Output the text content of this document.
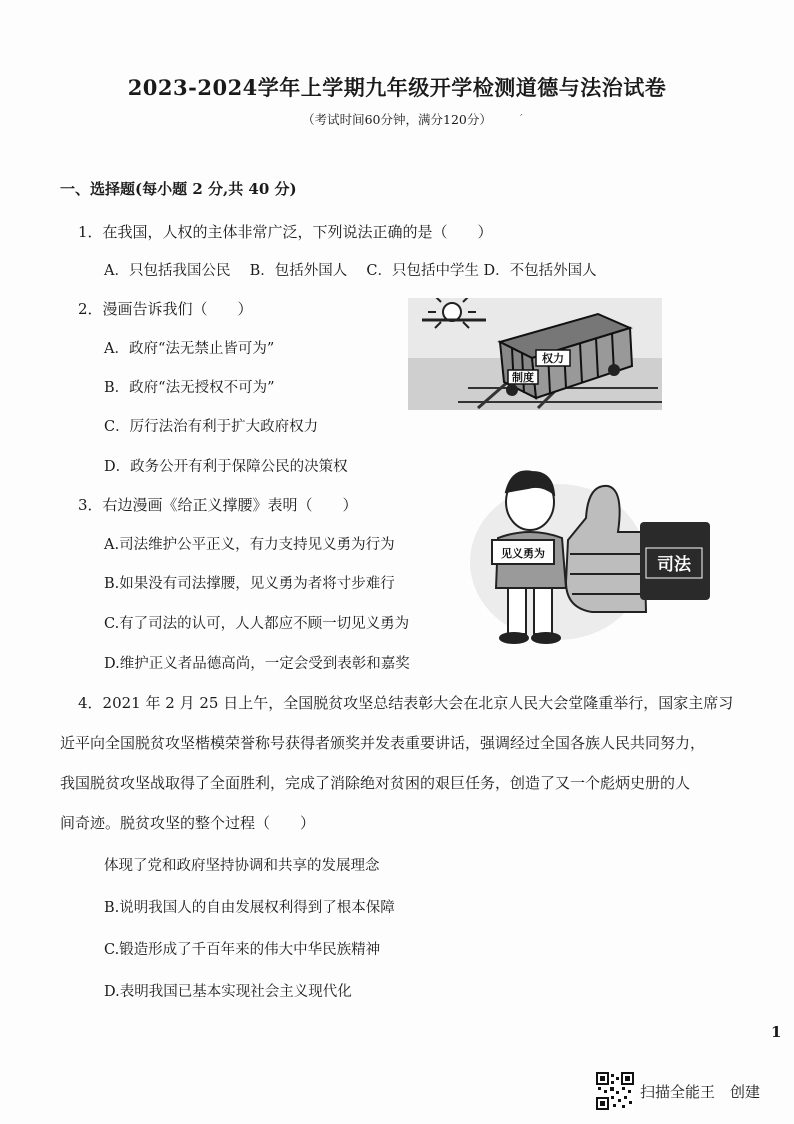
2023-2024学年上学期九年级开学检测道德与法治试卷
（考试时间60分钟，满分120分）	′
一、选择题(每小题 2 分,共 40 分)
1．在我国，人权的主体非常广泛，下列说法正确的是（　　）
A．只包括我国公民　 B．包括外国人　 C．只包括中学生 D．不包括外国人
2．漫画告诉我们（　　）
A．政府“法无禁止皆可为”
B．政府“法无授权不可为”
C．厉行法治有利于扩大政府权力
D．政务公开有利于保障公民的决策权
权力
制度
3．右边漫画《给正义撑腰》表明（　　）
A.司法维护公平正义，有力支持见义勇为行为
B.如果没有司法撑腰，见义勇为者将寸步难行
C.有了司法的认可，人人都应不顾一切见义勇为
D.维护正义者品德高尚，一定会受到表彰和嘉奖
司法
见义勇为
4．2021 年 2 月 25 日上午，全国脱贫攻坚总结表彰大会在北京人民大会堂隆重举行，国家主席习
近平向全国脱贫攻坚楷模荣誉称号获得者颁奖并发表重要讲话，强调经过全国各族人民共同努力，
我国脱贫攻坚战取得了全面胜利，完成了消除绝对贫困的艰巨任务，创造了又一个彪炳史册的人
间奇迹。脱贫攻坚的整个过程（　　）
体现了党和政府坚持协调和共享的发展理念
B.说明我国人的自由发展权利得到了根本保障
C.锻造形成了千百年来的伟大中华民族精神
D.表明我国已基本实现社会主义现代化
1
扫描全能王　创建
